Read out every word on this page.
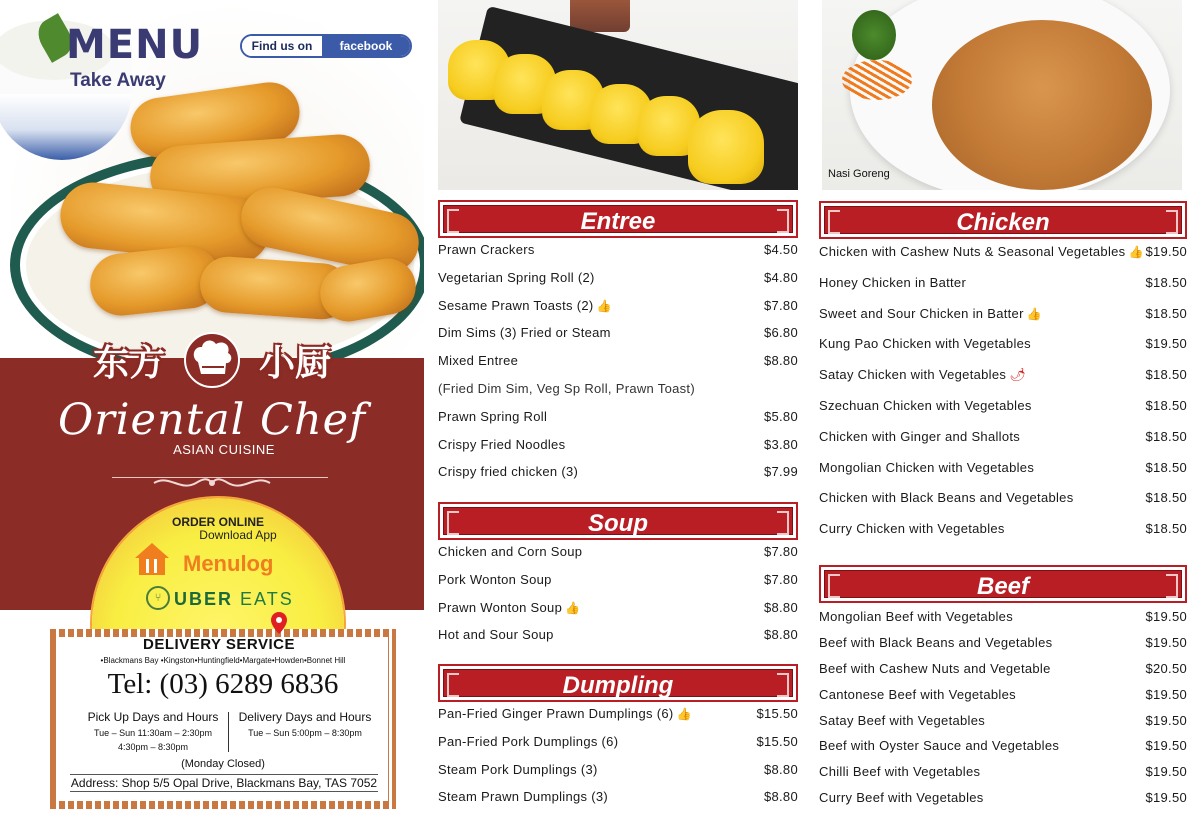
MENU
Take Away
Find us on	facebook
东方	小厨
Oriental Chef
ASIAN CUISINE
ORDER ONLINE
Download App
Menulog
⑂ UBER EATS
DELIVERY SERVICE
•Blackmans Bay •Kingston•Huntingfield•Margate•Howden•Bonnet Hill
Tel: (03) 6289 6836
Pick Up Days and Hours
Tue – Sun 11:30am – 2:30pm
4:30pm – 8:30pm
Delivery Days and Hours
Tue – Sun 5:00pm – 8:30pm
(Monday Closed)
Address: Shop 5/5 Opal Drive, Blackmans Bay, TAS 7052
Nasi Goreng
Entree
Prawn Crackers	$4.50
Vegetarian Spring Roll (2)	$4.80
Sesame Prawn Toasts (2) 👍	$7.80
Dim Sims (3) Fried or Steam	$6.80
Mixed Entree	$8.80
(Fried Dim Sim, Veg Sp Roll, Prawn Toast)
Prawn Spring Roll	$5.80
Crispy Fried Noodles	$3.80
Crispy fried chicken (3)	$7.99
Soup
Chicken and Corn Soup	$7.80
Pork Wonton Soup	$7.80
Prawn Wonton Soup 👍	$8.80
Hot and Sour Soup	$8.80
Dumpling
Pan-Fried Ginger Prawn Dumplings (6) 👍	$15.50
Pan-Fried Pork Dumplings (6)	$15.50
Steam Pork Dumplings (3)	$8.80
Steam Prawn Dumplings (3)	$8.80
Chicken
Chicken with Cashew Nuts & Seasonal Vegetables 👍 $19.50
Honey Chicken in Batter	$18.50
Sweet and Sour Chicken in Batter 👍	$18.50
Kung Pao Chicken with Vegetables	$19.50
Satay Chicken with Vegetables 🌶	$18.50
Szechuan Chicken with Vegetables	$18.50
Chicken with Ginger and Shallots	$18.50
Mongolian Chicken with Vegetables	$18.50
Chicken with Black Beans and Vegetables	$18.50
Curry Chicken with Vegetables	$18.50
Beef
Mongolian Beef with Vegetables	$19.50
Beef with Black Beans and Vegetables	$19.50
Beef with Cashew Nuts and Vegetable	$20.50
Cantonese Beef with Vegetables	$19.50
Satay Beef with Vegetables	$19.50
Beef with Oyster Sauce and Vegetables	$19.50
Chilli Beef with Vegetables	$19.50
Curry Beef with Vegetables	$19.50
